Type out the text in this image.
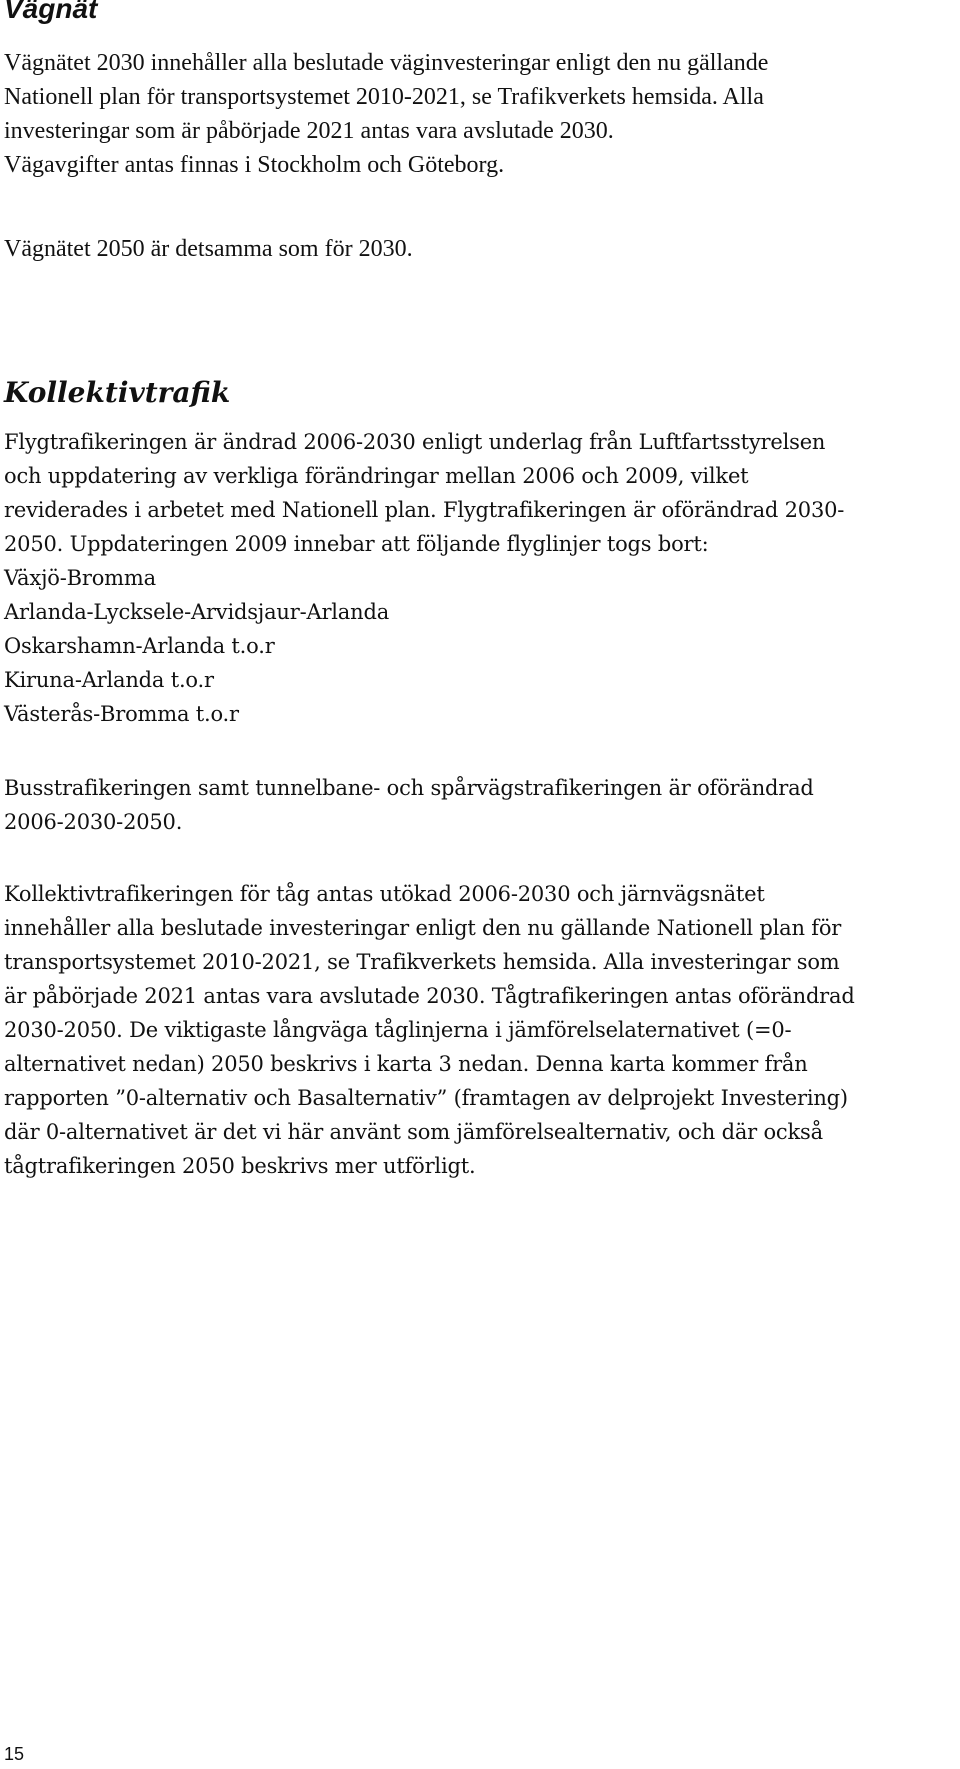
Vägnät

Vägnätet 2030 innehåller alla beslutade väginvesteringar enligt den nu gällande
Nationell plan för transportsystemet 2010-2021, se Trafikverkets hemsida. Alla
investeringar som är påbörjade 2021 antas vara avslutade 2030.
Vägavgifter antas finnas i Stockholm och Göteborg.

Vägnätet 2050 är detsamma som för 2030.

Kollektivtrafik

Flygtrafikeringen är ändrad 2006-2030 enligt underlag från Luftfartsstyrelsen
och uppdatering av verkliga förändringar mellan 2006 och 2009, vilket
reviderades i arbetet med Nationell plan. Flygtrafikeringen är oförändrad 2030-
2050. Uppdateringen 2009 innebar att följande flyglinjer togs bort:
Växjö-Bromma
Arlanda-Lycksele-Arvidsjaur-Arlanda
Oskarshamn-Arlanda t.o.r
Kiruna-Arlanda t.o.r
Västerås-Bromma t.o.r

Busstrafikeringen samt tunnelbane- och spårvägstrafikeringen är oförändrad
2006-2030-2050.

Kollektivtrafikeringen för tåg antas utökad 2006-2030 och järnvägsnätet
innehåller alla beslutade investeringar enligt den nu gällande Nationell plan för
transportsystemet 2010-2021, se Trafikverkets hemsida. Alla investeringar som
är påbörjade 2021 antas vara avslutade 2030. Tågtrafikeringen antas oförändrad
2030-2050. De viktigaste långväga tåglinjerna i jämförelselaternativet (=0-
alternativet nedan) 2050 beskrivs i karta 3 nedan. Denna karta kommer från
rapporten ”0-alternativ och Basalternativ” (framtagen av delprojekt Investering)
där 0-alternativet är det vi här använt som jämförelsealternativ, och där också
tågtrafikeringen 2050 beskrivs mer utförligt.

15
